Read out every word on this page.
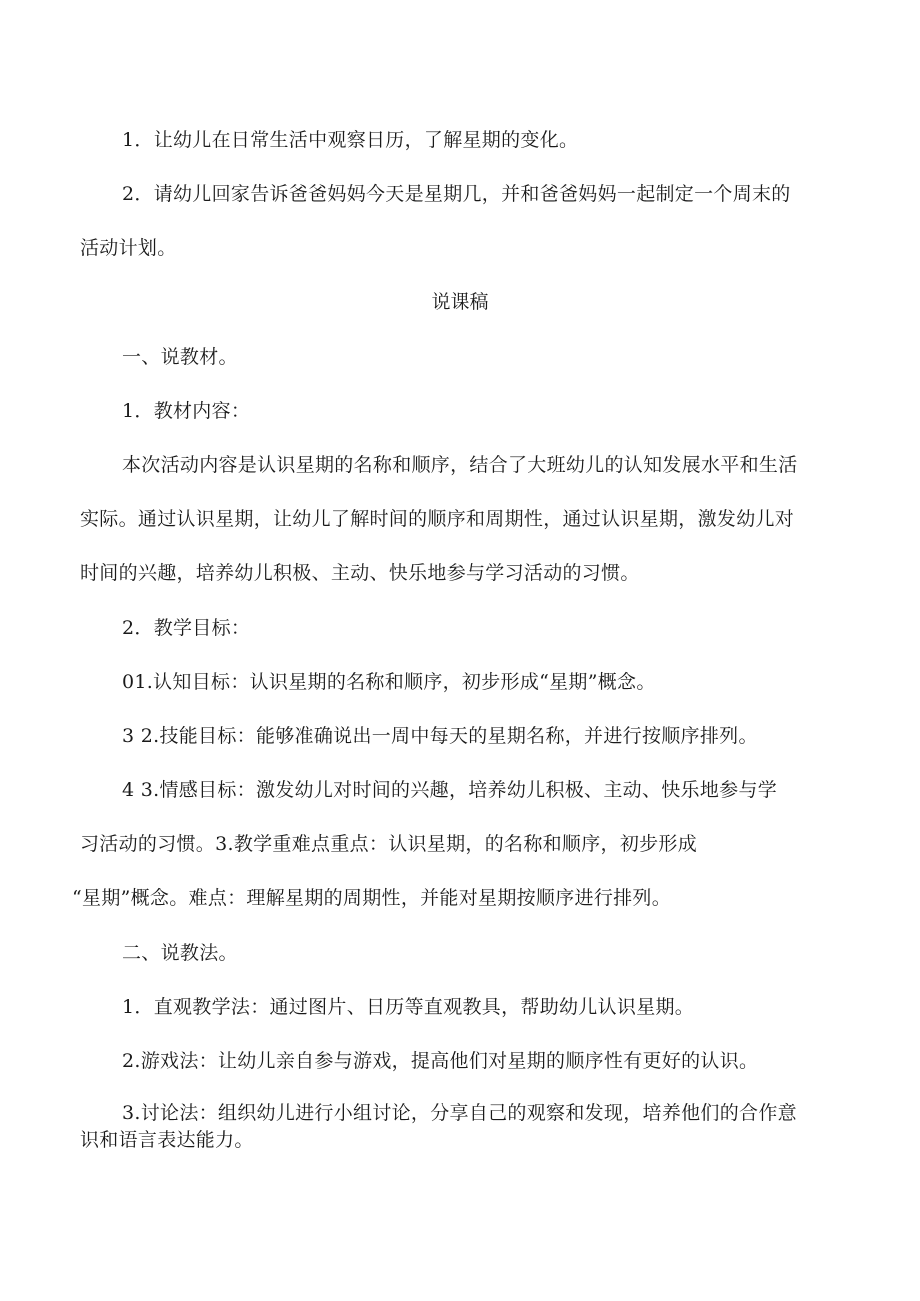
1．让幼儿在日常生活中观察日历，了解星期的变化。
2．请幼儿回家告诉爸爸妈妈今天是星期几，并和爸爸妈妈一起制定一个周末的
活动计划。
说课稿
一、说教材。
1．教材内容：
本次活动内容是认识星期的名称和顺序，结合了大班幼儿的认知发展水平和生活
实际。通过认识星期，让幼儿了解时间的顺序和周期性，通过认识星期，激发幼儿对
时间的兴趣，培养幼儿积极、主动、快乐地参与学习活动的习惯。
2．教学目标：
01.认知目标：认识星期的名称和顺序，初步形成“星期”概念。
3 2.技能目标：能够准确说出一周中每天的星期名称，并进行按顺序排列。
4 3.情感目标：激发幼儿对时间的兴趣，培养幼儿积极、主动、快乐地参与学
习活动的习惯。3.教学重难点重点：认识星期，的名称和顺序，初步形成
“星期”概念。难点：理解星期的周期性，并能对星期按顺序进行排列。
二、说教法。
1．直观教学法：通过图片、日历等直观教具，帮助幼儿认识星期。
2.游戏法：让幼儿亲自参与游戏，提高他们对星期的顺序性有更好的认识。
3.讨论法：组织幼儿进行小组讨论，分享自己的观察和发现，培养他们的合作意
识和语言表达能力。
